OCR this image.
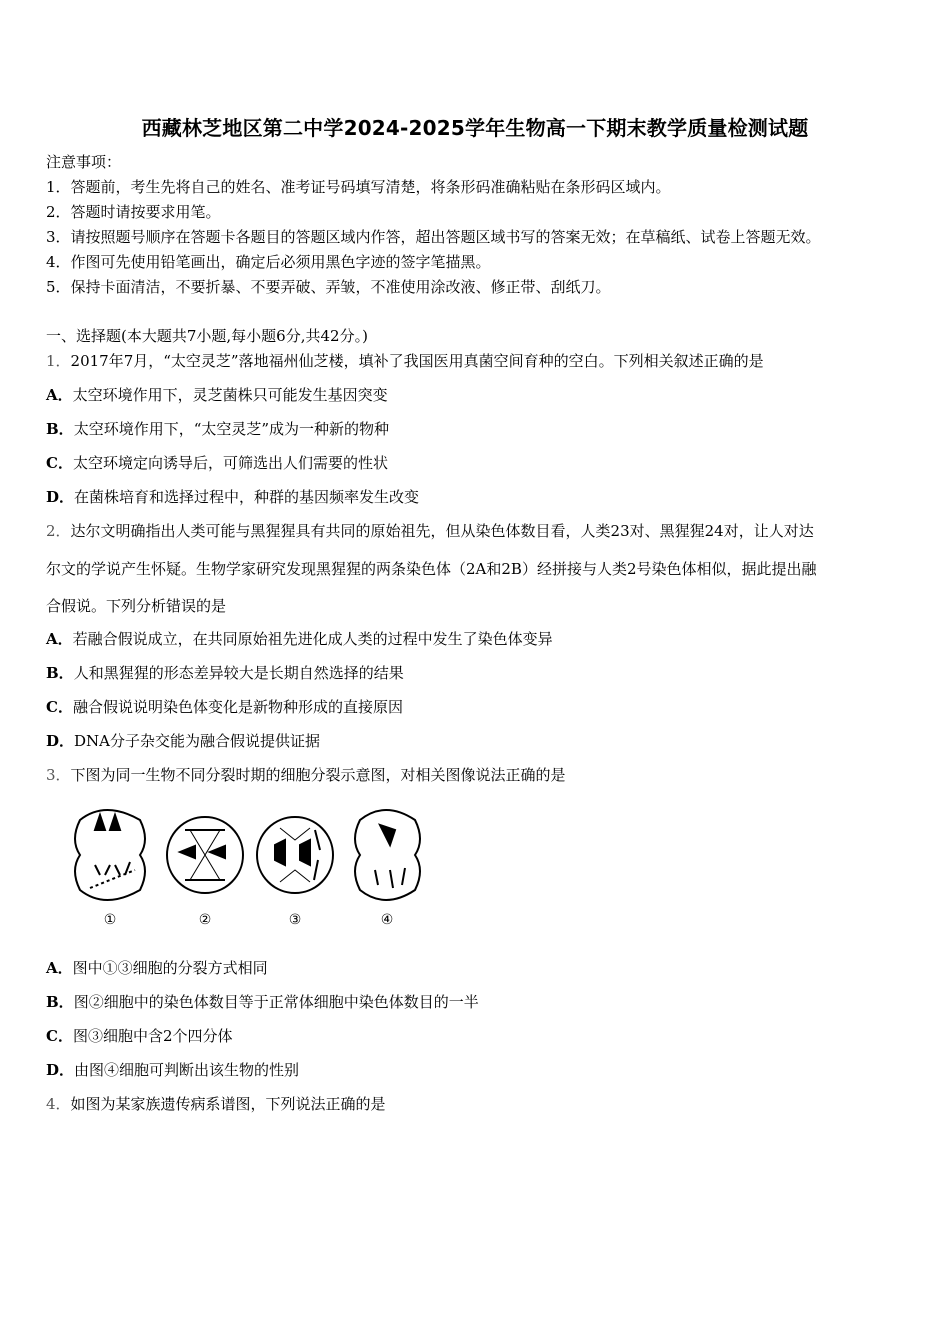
西藏林芝地区第二中学2024-2025学年生物高一下期末教学质量检测试题
注意事项：
1．答题前，考生先将自己的姓名、准考证号码填写清楚，将条形码准确粘贴在条形码区域内。
2．答题时请按要求用笔。
3．请按照题号顺序在答题卡各题目的答题区域内作答，超出答题区域书写的答案无效；在草稿纸、试卷上答题无效。
4．作图可先使用铅笔画出，确定后必须用黑色字迹的签字笔描黑。
5．保持卡面清洁，不要折暴、不要弄破、弄皱，不准使用涂改液、修正带、刮纸刀。
一、选择题(本大题共7小题,每小题6分,共42分。)
1．2017年7月，“太空灵芝”落地福州仙芝楼，填补了我国医用真菌空间育种的空白。下列相关叙述正确的是
A．太空环境作用下，灵芝菌株只可能发生基因突变
B．太空环境作用下，“太空灵芝”成为一种新的物种
C．太空环境定向诱导后，可筛选出人们需要的性状
D．在菌株培育和选择过程中，种群的基因频率发生改变
2．达尔文明确指出人类可能与黑猩猩具有共同的原始祖先，但从染色体数目看，人类23对、黑猩猩24对，让人对达
尔文的学说产生怀疑。生物学家研究发现黑猩猩的两条染色体（2A和2B）经拼接与人类2号染色体相似，据此提出融
合假说。下列分析错误的是
A．若融合假说成立，在共同原始祖先进化成人类的过程中发生了染色体变异
B．人和黑猩猩的形态差异较大是长期自然选择的结果
C．融合假说说明染色体变化是新物种形成的直接原因
D．DNA分子杂交能为融合假说提供证据
3．下图为同一生物不同分裂时期的细胞分裂示意图，对相关图像说法正确的是
①	②	③	④
A．图中①③细胞的分裂方式相同
B．图②细胞中的染色体数目等于正常体细胞中染色体数目的一半
C．图③细胞中含2个四分体
D．由图④细胞可判断出该生物的性别
4．如图为某家族遗传病系谱图，下列说法正确的是
